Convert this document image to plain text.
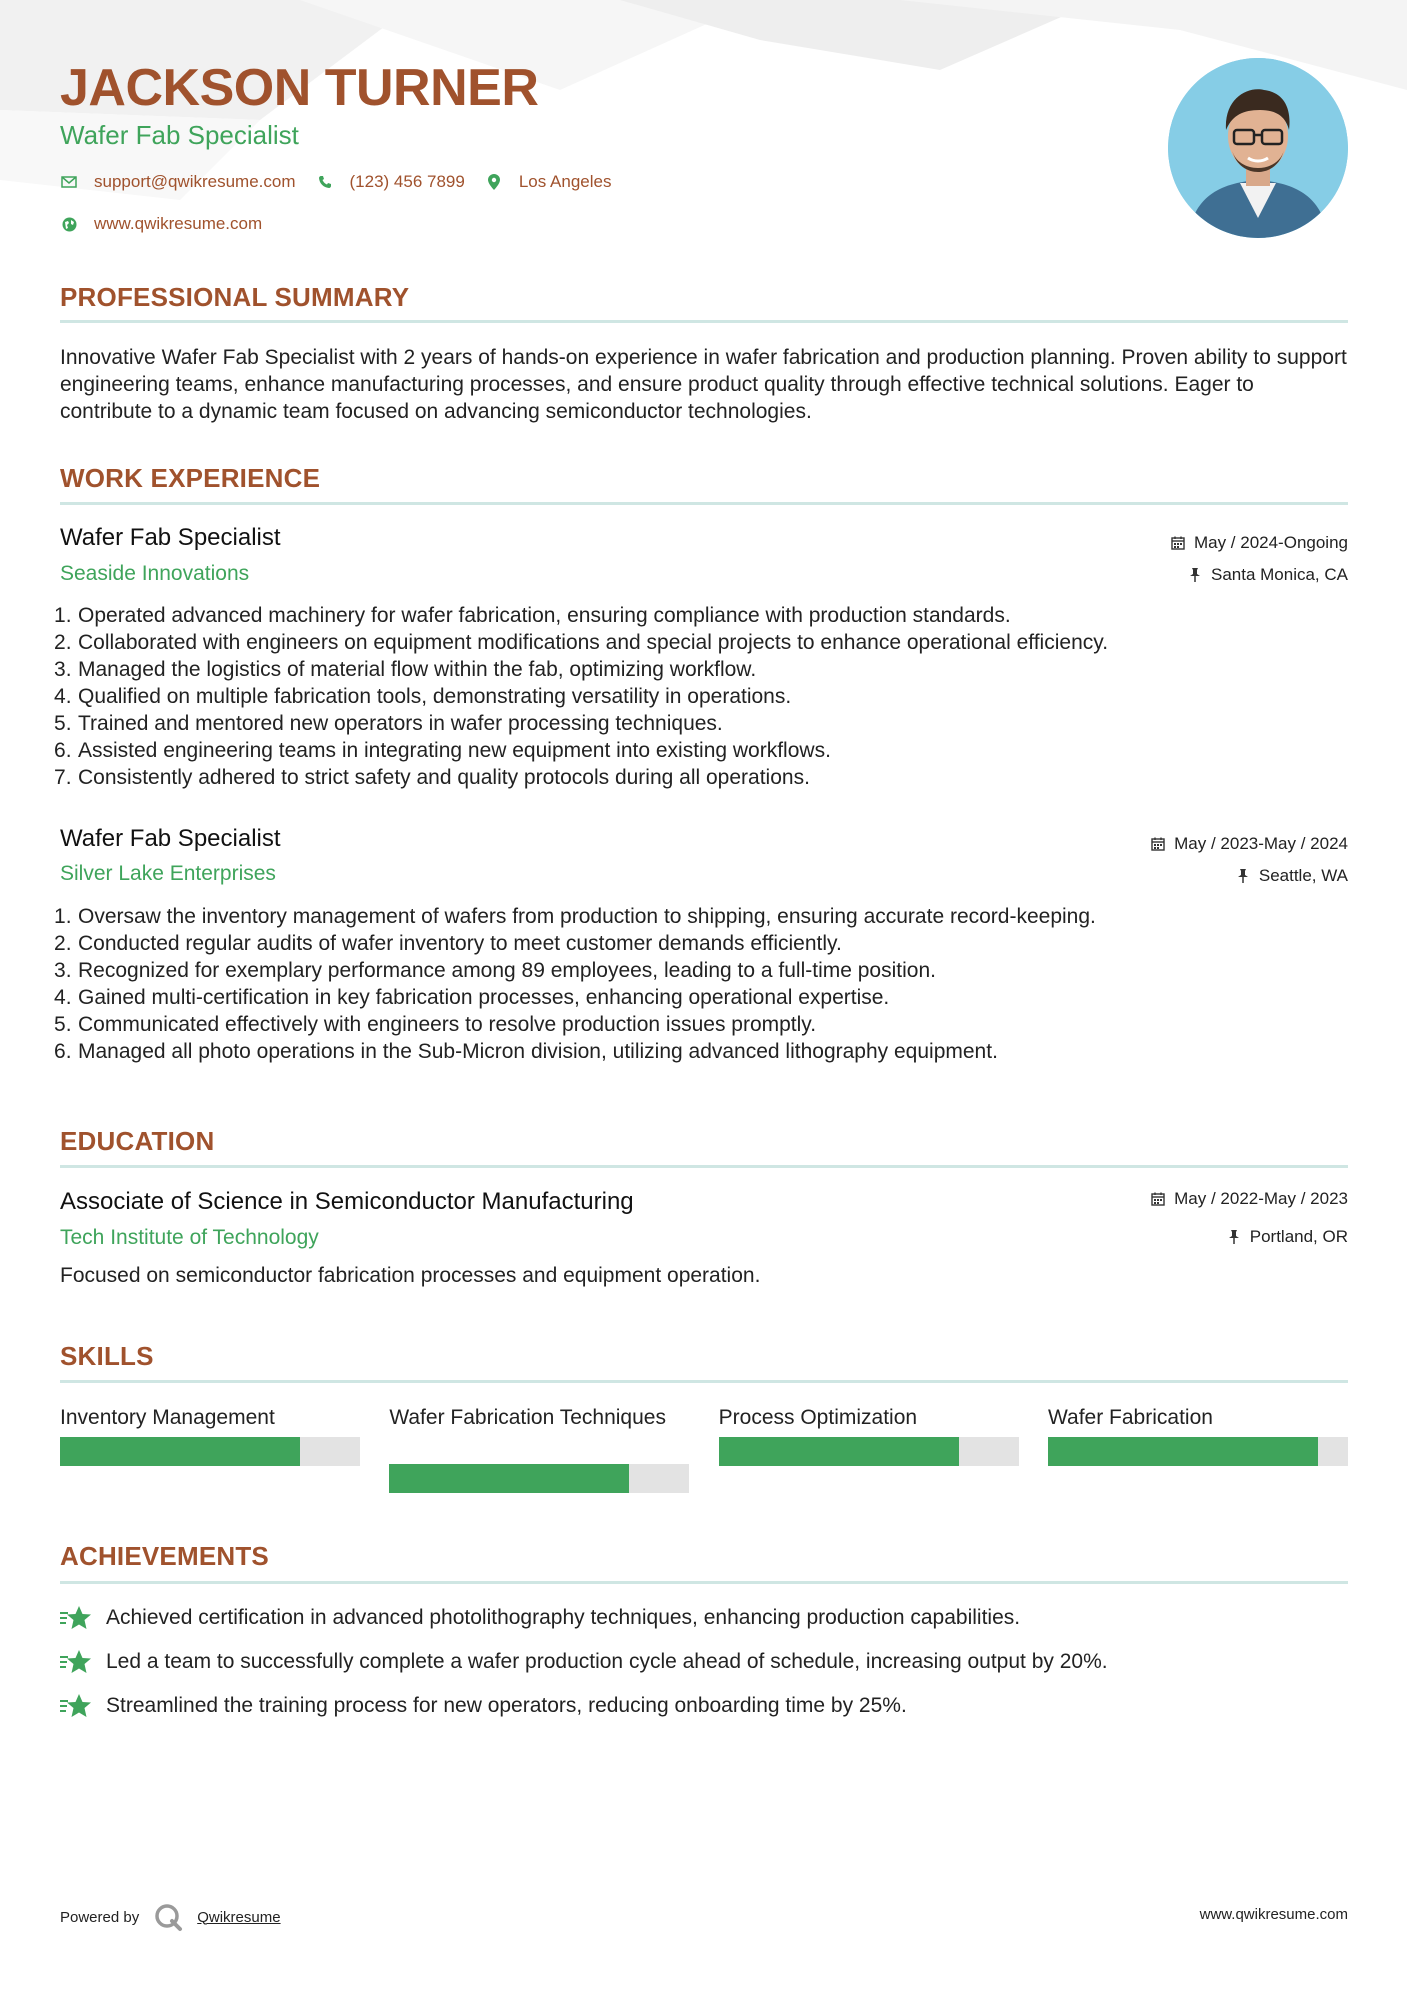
JACKSON TURNER
Wafer Fab Specialist
support@qwikresume.com	(123) 456 7899	Los Angeles
www.qwikresume.com
PROFESSIONAL SUMMARY
Innovative Wafer Fab Specialist with 2 years of hands-on experience in wafer fabrication and production planning. Proven ability to support engineering teams, enhance manufacturing processes, and ensure product quality through effective technical solutions. Eager to contribute to a dynamic team focused on advancing semiconductor technologies.
WORK EXPERIENCE
Wafer Fab Specialist	May / 2024-Ongoing
Seaside Innovations	Santa Monica, CA
Operated advanced machinery for wafer fabrication, ensuring compliance with production standards.
Collaborated with engineers on equipment modifications and special projects to enhance operational efficiency.
Managed the logistics of material flow within the fab, optimizing workflow.
Qualified on multiple fabrication tools, demonstrating versatility in operations.
Trained and mentored new operators in wafer processing techniques.
Assisted engineering teams in integrating new equipment into existing workflows.
Consistently adhered to strict safety and quality protocols during all operations.
Wafer Fab Specialist	May / 2023-May / 2024
Silver Lake Enterprises	Seattle, WA
Oversaw the inventory management of wafers from production to shipping, ensuring accurate record-keeping.
Conducted regular audits of wafer inventory to meet customer demands efficiently.
Recognized for exemplary performance among 89 employees, leading to a full-time position.
Gained multi-certification in key fabrication processes, enhancing operational expertise.
Communicated effectively with engineers to resolve production issues promptly.
Managed all photo operations in the Sub-Micron division, utilizing advanced lithography equipment.
EDUCATION
Associate of Science in Semiconductor Manufacturing	May / 2022-May / 2023
Tech Institute of Technology	Portland, OR
Focused on semiconductor fabrication processes and equipment operation.
SKILLS
Inventory Management	Wafer Fabrication Techniques	Process Optimization	Wafer Fabrication
ACHIEVEMENTS
Achieved certification in advanced photolithography techniques, enhancing production capabilities.
Led a team to successfully complete a wafer production cycle ahead of schedule, increasing output by 20%.
Streamlined the training process for new operators, reducing onboarding time by 25%.
Powered by	Qwikresume	www.qwikresume.com
